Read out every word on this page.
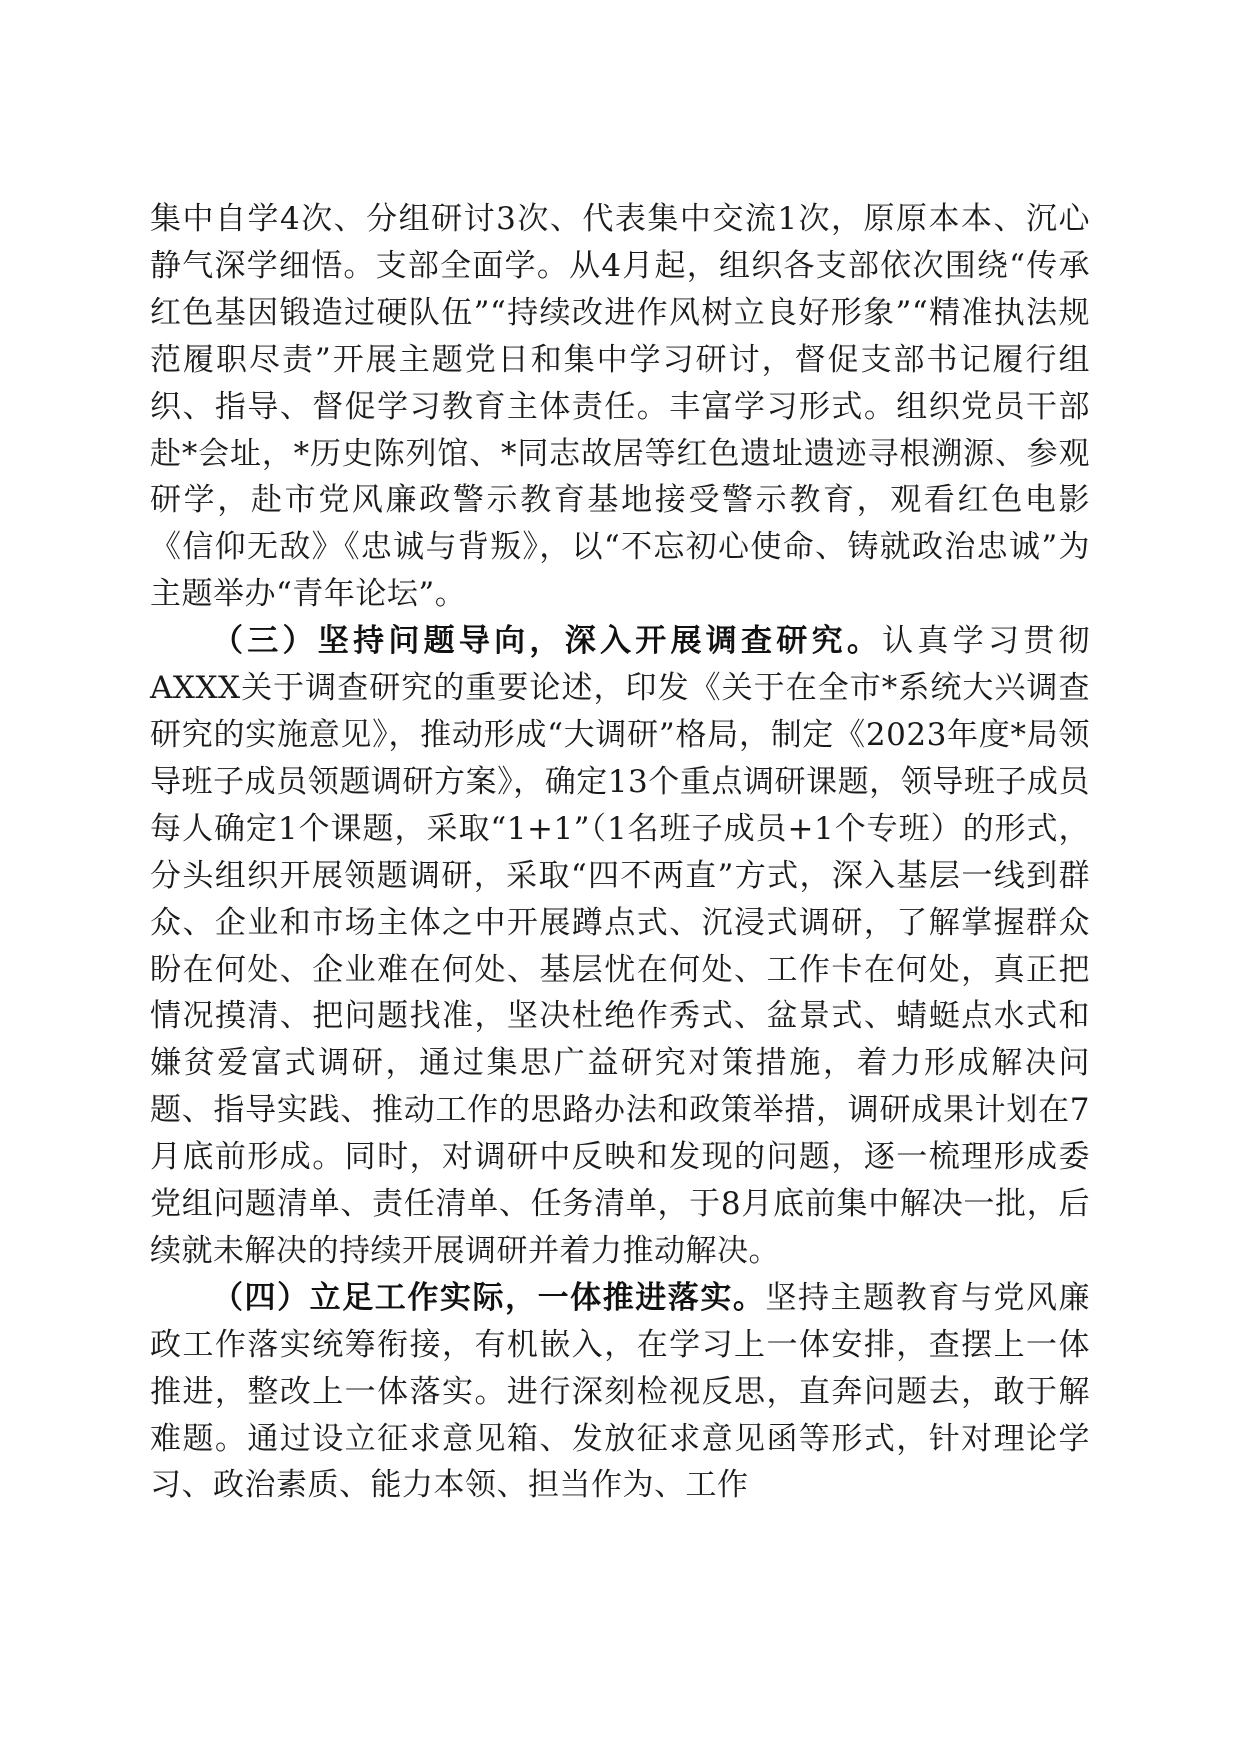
集中自学4次、分组研讨3次、代表集中交流1次，原原本本、沉心静气深学细悟。支部全面学。从4月起，组织各支部依次围绕“传承红色基因锻造过硬队伍”“持续改进作风树立良好形象”“精准执法规范履职尽责”开展主题党日和集中学习研讨，督促支部书记履行组织、指导、督促学习教育主体责任。丰富学习形式。组织党员干部赴*会址，*历史陈列馆、*同志故居等红色遗址遗迹寻根溯源、参观研学，赴市党风廉政警示教育基地接受警示教育，观看红色电影《信仰无敌》《忠诚与背叛》，以“不忘初心使命、铸就政治忠诚”为主题举办“青年论坛”。

（三）坚持问题导向，深入开展调查研究。认真学习贯彻AXXX关于调查研究的重要论述，印发《关于在全市*系统大兴调查研究的实施意见》，推动形成“大调研”格局，制定《2023年度*局领导班子成员领题调研方案》，确定13个重点调研课题，领导班子成员每人确定1个课题，采取“1+1”（1名班子成员+1个专班）的形式，分头组织开展领题调研，采取“四不两直”方式，深入基层一线到群众、企业和市场主体之中开展蹲点式、沉浸式调研，了解掌握群众盼在何处、企业难在何处、基层忧在何处、工作卡在何处，真正把情况摸清、把问题找准，坚决杜绝作秀式、盆景式、蜻蜓点水式和嫌贫爱富式调研，通过集思广益研究对策措施，着力形成解决问题、指导实践、推动工作的思路办法和政策举措，调研成果计划在7月底前形成。同时，对调研中反映和发现的问题，逐一梳理形成委党组问题清单、责任清单、任务清单，于8月底前集中解决一批，后续就未解决的持续开展调研并着力推动解决。

（四）立足工作实际，一体推进落实。坚持主题教育与党风廉政工作落实统筹衔接，有机嵌入，在学习上一体安排，查摆上一体推进，整改上一体落实。进行深刻检视反思，直奔问题去，敢于解难题。通过设立征求意见箱、发放征求意见函等形式，针对理论学习、政治素质、能力本领、担当作为、工作
